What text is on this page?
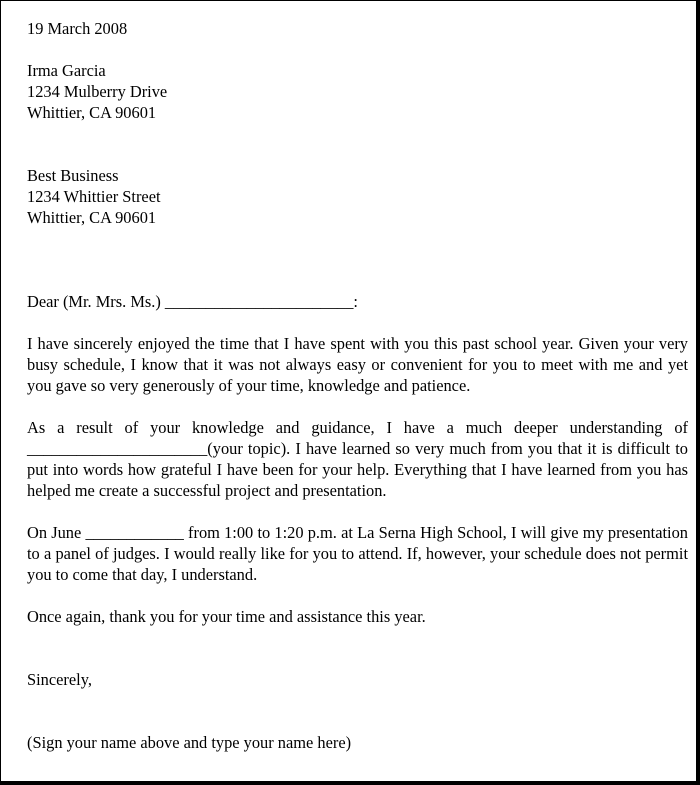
19 March 2008
Irma Garcia
1234 Mulberry Drive
Whittier, CA 90601
Best Business
1234 Whittier Street
Whittier, CA 90601
Dear (Mr. Mrs. Ms.) _______________________:

I have sincerely enjoyed the time that I have spent with you this past school year. Given your very busy schedule, I know that it was not always easy or convenient for you to meet with me and yet you gave so very generously of your time, knowledge and patience.

As a result of your knowledge and guidance, I have a much deeper understanding of ______________________(your topic). I have learned so very much from you that it is difficult to put into words how grateful I have been for your help. Everything that I have learned from you has helped me create a successful project and presentation.

On June ____________ from 1:00 to 1:20 p.m. at La Serna High School, I will give my presentation to a panel of judges. I would really like for you to attend. If, however, your schedule does not permit you to come that day, I understand.

Once again, thank you for your time and assistance this year.

Sincerely,
(Sign your name above and type your name here)
